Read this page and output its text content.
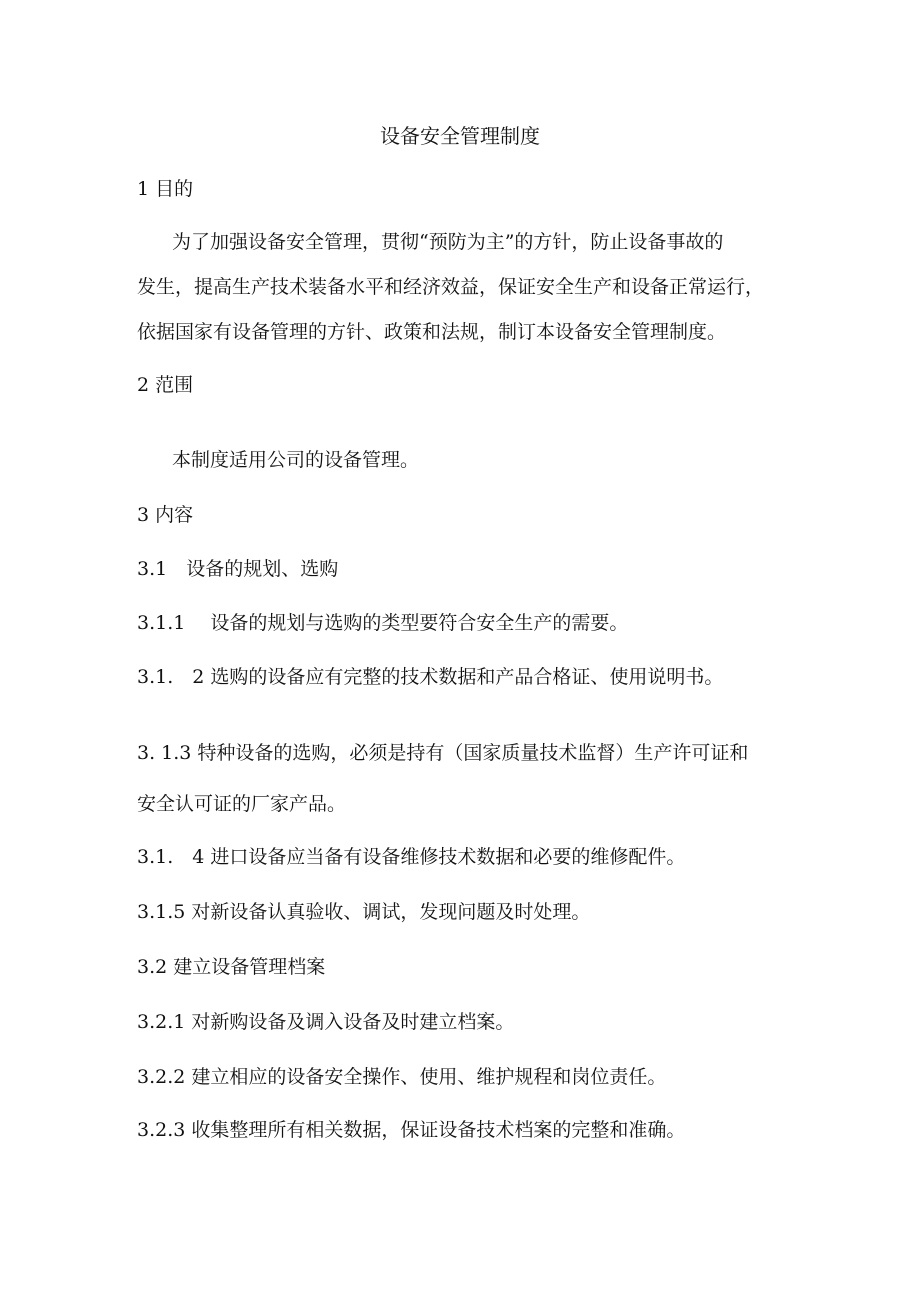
设备安全管理制度
1 目的
为了加强设备安全管理，贯彻“预防为主”的方针，防止设备事故的
发生，提高生产技术装备水平和经济效益，保证安全生产和设备正常运行，
依据国家有设备管理的方针、政策和法规，制订本设备安全管理制度。
2 范围
本制度适用公司的设备管理。
3 内容
3.1　设备的规划、选购
3.1.1　 设备的规划与选购的类型要符合安全生产的需要。
3.1.　2 选购的设备应有完整的技术数据和产品合格证、使用说明书。
3. 1.3 特种设备的选购，必须是持有（国家质量技术监督）生产许可证和
安全认可证的厂家产品。
3.1.　4 进口设备应当备有设备维修技术数据和必要的维修配件。
3.1.5 对新设备认真验收、调试，发现问题及时处理。
3.2 建立设备管理档案
3.2.1 对新购设备及调入设备及时建立档案。
3.2.2 建立相应的设备安全操作、使用、维护规程和岗位责任。
3.2.3 收集整理所有相关数据，保证设备技术档案的完整和准确。
